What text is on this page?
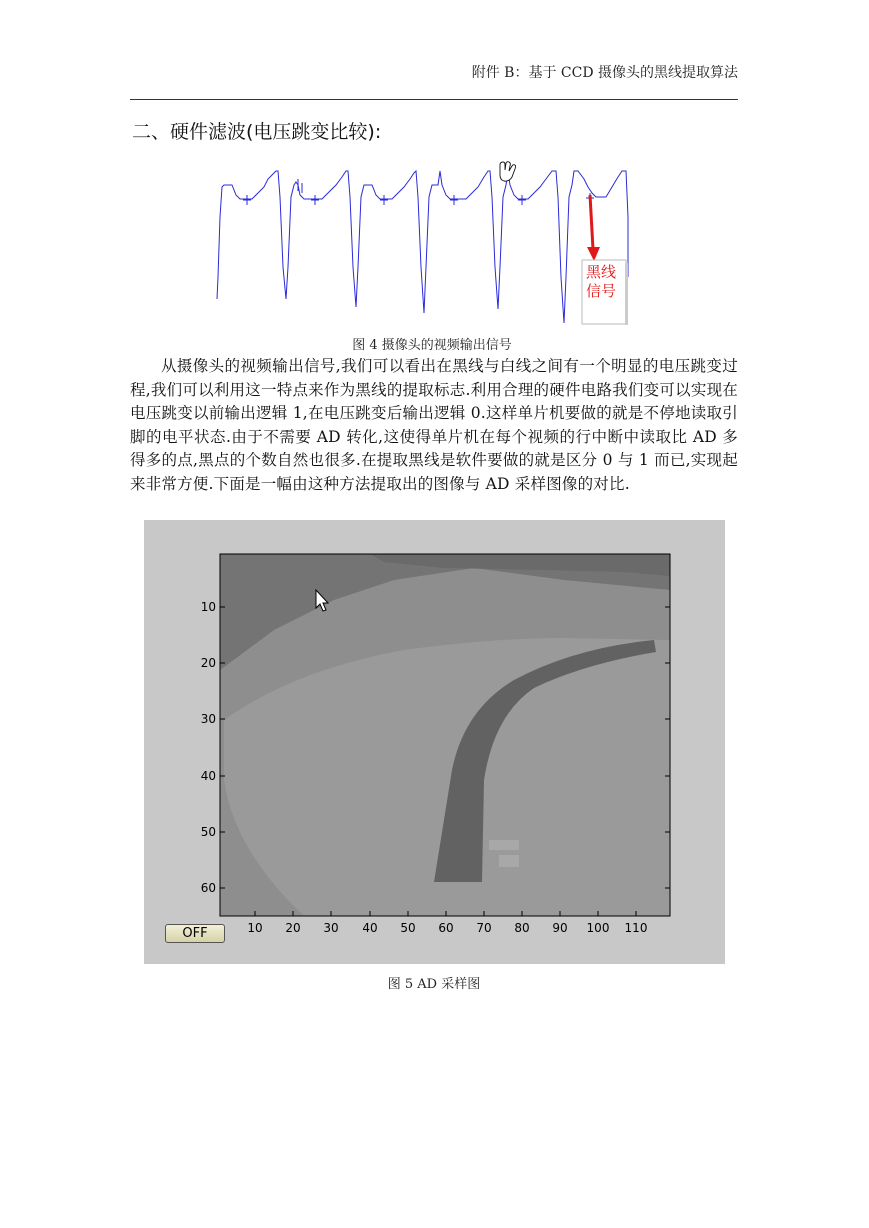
附件 B：基于 CCD 摄像头的黑线提取算法
二、硬件滤波(电压跳变比较):
黑线
信号
图 4 摄像头的视频输出信号
从摄像头的视频输出信号,我们可以看出在黑线与白线之间有一个明显的电压跳变过程,我们可以利用这一特点来作为黑线的提取标志.利用合理的硬件电路我们变可以实现在电压跳变以前输出逻辑 1,在电压跳变后输出逻辑 0.这样单片机要做的就是不停地读取引脚的电平状态.由于不需要 AD 转化,这使得单片机在每个视频的行中断中读取比 AD 多得多的点,黑点的个数自然也很多.在提取黑线是软件要做的就是区分 0 与 1 而已,实现起来非常方便.下面是一幅由这种方法提取出的图像与 AD 采样图像的对比.
10
20
30
40
50
60
10 20 30 40 50 60 70 80 90 100 110
OFF
图 5 AD 采样图
